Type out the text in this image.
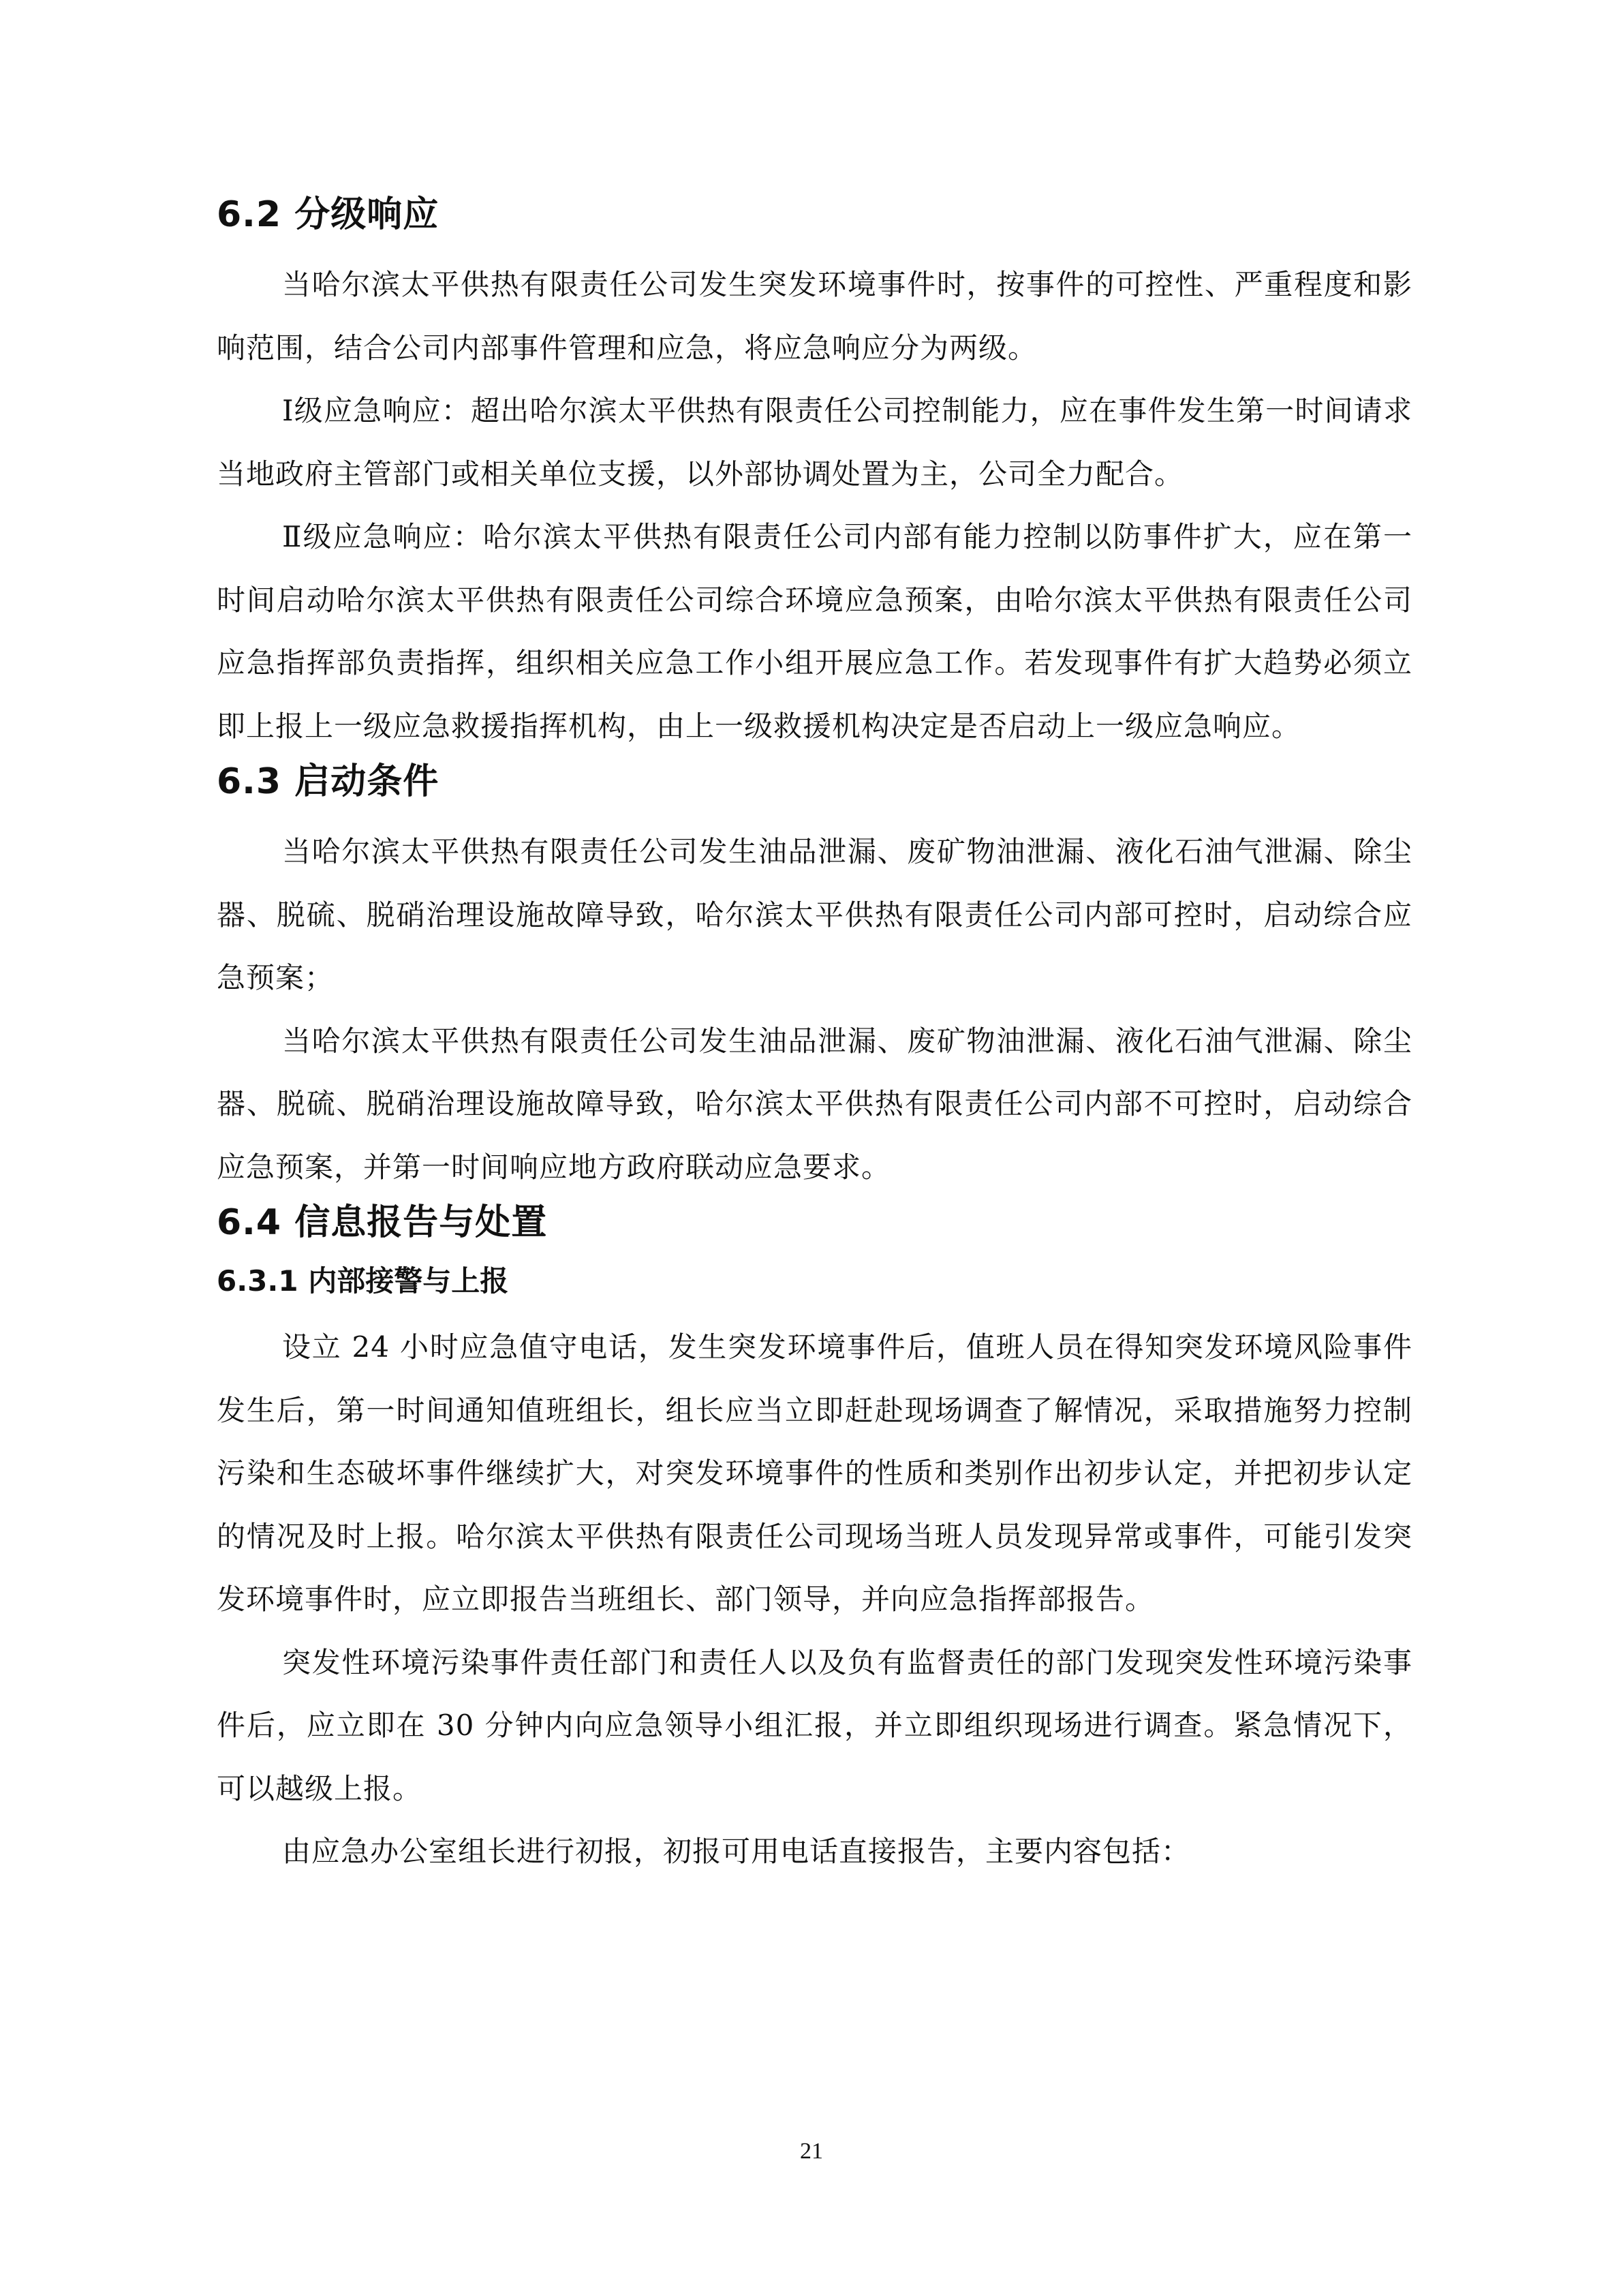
6.2 分级响应

当哈尔滨太平供热有限责任公司发生突发环境事件时，按事件的可控性、严重程度和影响范围，结合公司内部事件管理和应急，将应急响应分为两级。

Ⅰ级应急响应：超出哈尔滨太平供热有限责任公司控制能力，应在事件发生第一时间请求当地政府主管部门或相关单位支援，以外部协调处置为主，公司全力配合。

Ⅱ级应急响应：哈尔滨太平供热有限责任公司内部有能力控制以防事件扩大，应在第一时间启动哈尔滨太平供热有限责任公司综合环境应急预案，由哈尔滨太平供热有限责任公司应急指挥部负责指挥，组织相关应急工作小组开展应急工作。若发现事件有扩大趋势必须立即上报上一级应急救援指挥机构，由上一级救援机构决定是否启动上一级应急响应。

6.3 启动条件

当哈尔滨太平供热有限责任公司发生油品泄漏、废矿物油泄漏、液化石油气泄漏、除尘器、脱硫、脱硝治理设施故障导致，哈尔滨太平供热有限责任公司内部可控时，启动综合应急预案；

当哈尔滨太平供热有限责任公司发生油品泄漏、废矿物油泄漏、液化石油气泄漏、除尘器、脱硫、脱硝治理设施故障导致，哈尔滨太平供热有限责任公司内部不可控时，启动综合应急预案，并第一时间响应地方政府联动应急要求。

6.4 信息报告与处置
6.3.1 内部接警与上报

设立 24 小时应急值守电话，发生突发环境事件后，值班人员在得知突发环境风险事件发生后，第一时间通知值班组长，组长应当立即赶赴现场调查了解情况，采取措施努力控制污染和生态破坏事件继续扩大，对突发环境事件的性质和类别作出初步认定，并把初步认定的情况及时上报。哈尔滨太平供热有限责任公司现场当班人员发现异常或事件，可能引发突发环境事件时，应立即报告当班组长、部门领导，并向应急指挥部报告。

突发性环境污染事件责任部门和责任人以及负有监督责任的部门发现突发性环境污染事件后，应立即在 30 分钟内向应急领导小组汇报，并立即组织现场进行调查。紧急情况下，可以越级上报。

由应急办公室组长进行初报，初报可用电话直接报告，主要内容包括：

21
